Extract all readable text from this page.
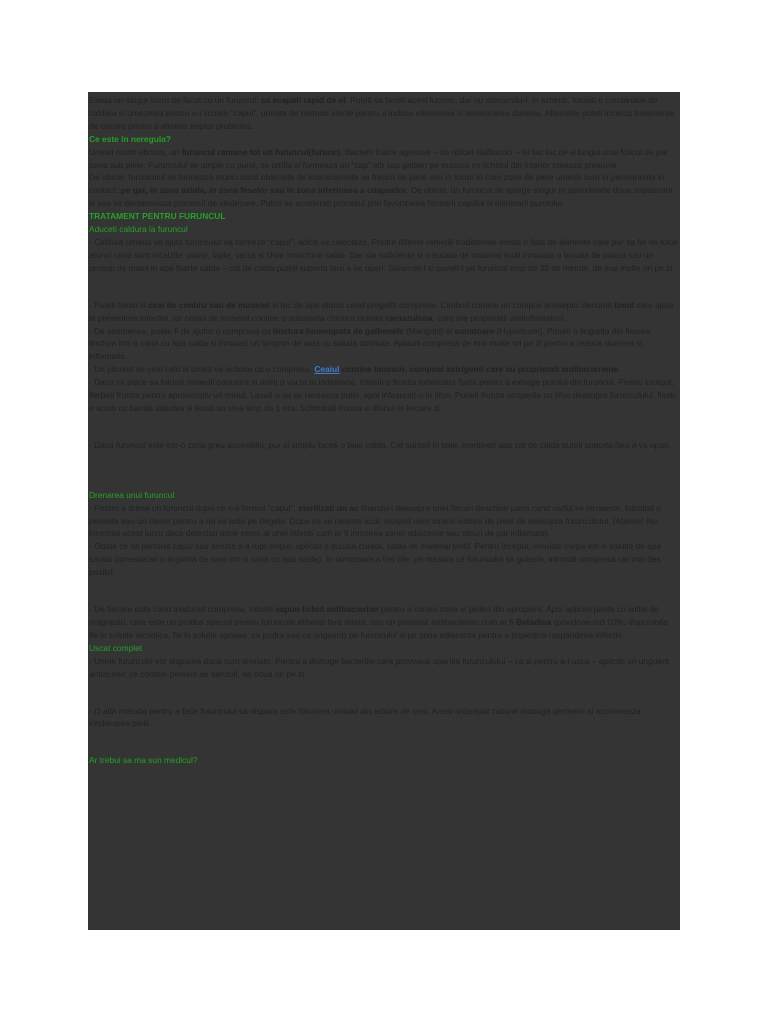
Exista un singur lucru de facut cu un furuncul: sa scapati rapid de el. Puteti sa faceti acest lucrum, dar nu storcandu-l. In schimb, folositi o combinatie de caldura si umezeala pentru a-i scoate “capul”, urmata de metode sterile pentru a induce eliminarea si ameliorarea durerea. Alternativ puteti incerca tratamente de uscare pentru a elimina treptat problema.

Ce este in neregula?

Uneori numit abcces, un furuncul ramane tot un furuncul(furunc). Bacterii foarte agresive – de obicei stafilococi – isi fac loc de-a lungul unui folicul de par pana sub piele. Furunculul se umple cu puroi, se umfla si formeaza un “cap” alb sau galben pe masura ce lichidul din interior creeaza presiune.

De obicei, furunculul se formeaza atunci cand obiectele de imbracaminte se freaca de piele sau in locuri in care zone de piele umeda sunt in permanenta in contact: pe gat, in zona axiala, in zona feselor sau in zona interioasa a coapselor. De obicei, un furuncul se sparge singur in aproximativ doua saptamani si asa se declanseaza procesul de vindecare. Puteti sa accelerati procesul prin favorizarea formarii capului si eliminarii puroiului.

TRATAMENT PENTRU FURUNCUL

Aduceti caldura la furuncul

- Caldura umeda va ajuta furunculul sa formeze “capul”, adica sa colecteze. Printre diferite remedii traditionale exista o lista de alimente care par sa fie de folos atunci cand sunt incalzite: paine, lapte, varza si chiar smochine calde. Dar ste suficienta si o bucata de material textil inmuiata o bucata de panza sau un prosop de maini in apa foarte calda – cat de calda puteti suporta fara a va opari. Stoarceti-l si puneti-l pe furuncul timp de 30 de minute, de mai multe ori pe zi.

- Puteti folosi si ceai de cimbru sau de musetel in loc de apa atunci cand pregatiti compresa. Cimbrul contine un compus antiseptic denumit timol care ajuta la prevenirea infectiei, iar ceaiul de musetel contine o substanta chimica numita camazulena, care are proprietati antiinflamatorii.

- De asemenea, poate fi de ajutor o compresa cu tinctura homeopata de galbenele (Marigold) si sunatoare (Hypericum). Puneti o lingurita din fiecare tinctura intr-o cana cu apa calda si inmuiati un tampon de vata cu solutia obtinuta. Aplicati compresa de mai multe ori pe zi pentru a reduce durerea si inflamatia.

- Un pliculet de ceai cald si umed va actiona ca o compresa. Ceaiul contine taninuri, compusi astrigenti care au proprietati antibacteriene.

- Daca va place sa folositi remedii populare si aveti o varza la indemana, folositi o frunza exterioara fiarta pentru a extrage puroiul din furuncul. Pentru inceput, fierbeti frunza pentru aproximativ un minut. Lasati-o sa se raceasca putin, apoi infasurati-o in tifon. Puneti frunza acoperita cu tifon deasupra furunculului, fixati-o acolo cu banda adeziva si lasati sa stea timp de 1 ora. Schimbati frunza si tifonul in fiecare zi.

- Daca furuncul este intr-o zona greu accesibila, pur si simplu faceti o baie calda. Cat sunteti in baie, mentineti apa cat de calda puteti suporta fara a va opari.

Drenarea unui furuncul

- Pentru a drena un furuncul dupa ce s-a format “capul”, sterilizati un ac tinandu-l deasupra unei flacari deschise pana cand varful se inroseste, folosind o penseta sau un cleste pentru a nu va arde pe degete. Dupa ce se raceste acul, intepati usor stratul subtire de piele de deasupra furunculului. (Atentie! Nu incercati acest lucru daca detectati orice semn al unei infectii cum ar fi inrosirea zonei adiacente sau striuri de par inflamate).

- Odata ce ati perforat capul sau acesta s-a rupt singur, aplicati o bucata curata, calda de material textil. Pentru inceput, inmuiati carpa intr-o solutie de apa sarata (amestecati o lingurita de sare intr-o cana cu apa calda). In urmatoare;a trei zile, pe masura ce furunculul se goleste, inlocuiti compresa cat mai des posibil.

- De fiecare data cand inlaturati compresa, folositi sapun lichid antibacterian pentru a curata zona si pielea din apropiere. Apoi aplicati pasta cu sulfat de magneziu, care este un produs special pentru furuncule eliberat fara reteta, sau un preparat antibacterian cum ar fi Betadina (povidone-iod 10%, disponibila fie in solutie alcoolica, fie in solutie apoasa, ca pudra sau ca unguent) pe furunculul si pe zona adiacenta pentru a impiedica raspandirea infectie.

Uscat complet

- Unele furuncule vor disparea daca sunt drenate. Pentru a distruge bacteriile care provoaca aparitia furunculului – ca si pentru a-l usca – aplicati un unguent antiacneic ce contine peroxid de benzoil, de doua ori pe zi.

- O alta metoda pentru a face furunculul sa dispara este folosirea uleiului din arbore de ceai. Acest antiseptic natural distruge germenii si accelereaza vindecarea pielii.

Ar trebui sa ma sun medicul?
